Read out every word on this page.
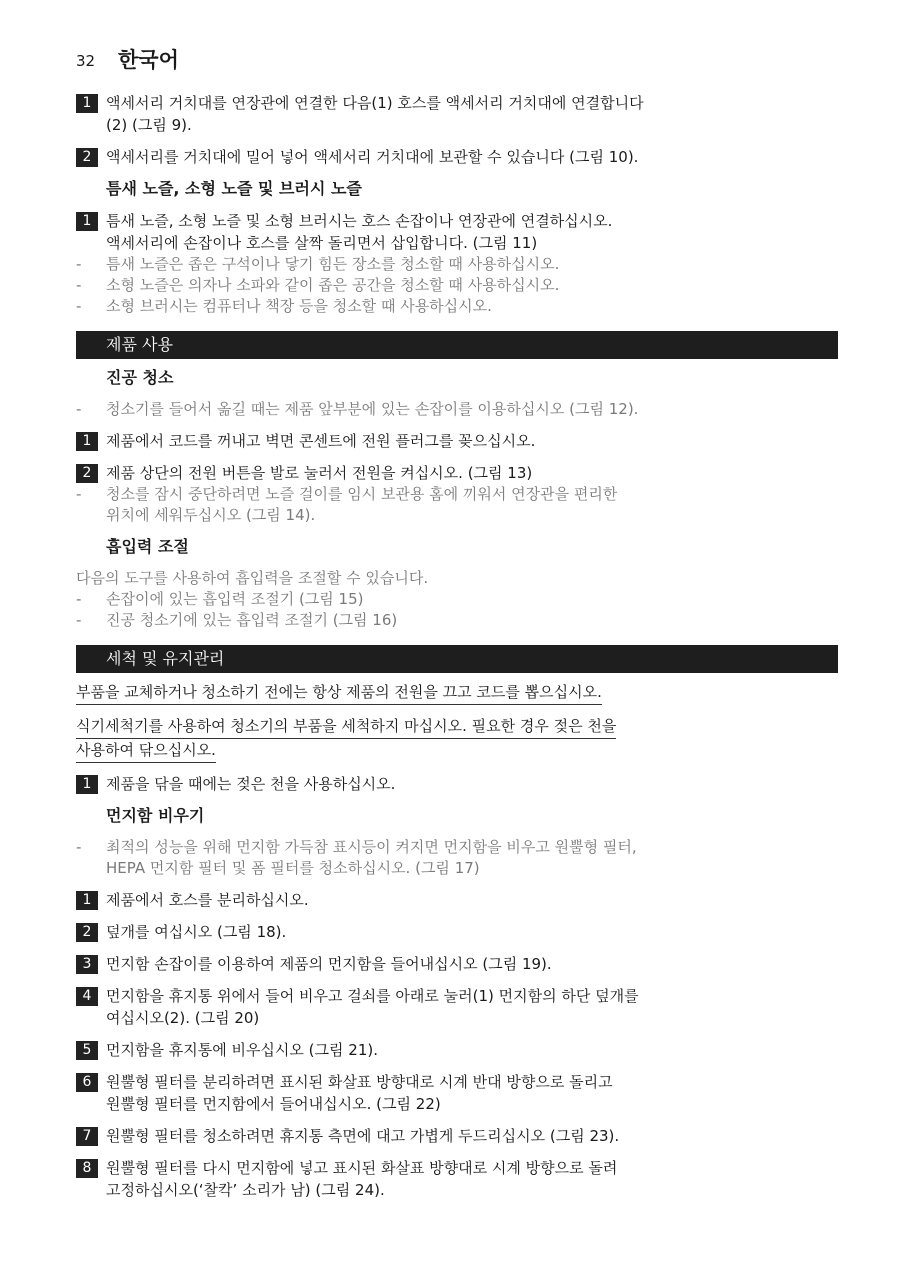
32 한국어
1 액세서리 거치대를 연장관에 연결한 다음(1) 호스를 액세서리 거치대에 연결합니다
(2) (그림 9).
2 액세서리를 거치대에 밀어 넣어 액세서리 거치대에 보관할 수 있습니다 (그림 10).
틈새 노즐, 소형 노즐 및 브러시 노즐
1 틈새 노즐, 소형 노즐 및 소형 브러시는 호스 손잡이나 연장관에 연결하십시오.
액세서리에 손잡이나 호스를 살짝 돌리면서 삽입합니다. (그림 11)
-	틈새 노즐은 좁은 구석이나 닿기 힘든 장소를 청소할 때 사용하십시오.
-	소형 노즐은 의자나 소파와 같이 좁은 공간을 청소할 때 사용하십시오.
-	소형 브러시는 컴퓨터나 책장 등을 청소할 때 사용하십시오.
제품 사용
진공 청소
-	청소기를 들어서 옮길 때는 제품 앞부분에 있는 손잡이를 이용하십시오 (그림 12).
1 제품에서 코드를 꺼내고 벽면 콘센트에 전원 플러그를 꽂으십시오.
2 제품 상단의 전원 버튼을 발로 눌러서 전원을 켜십시오. (그림 13)
-	청소를 잠시 중단하려면 노즐 걸이를 임시 보관용 홈에 끼워서 연장관을 편리한
위치에 세워두십시오 (그림 14).
흡입력 조절
다음의 도구를 사용하여 흡입력을 조절할 수 있습니다.
-	손잡이에 있는 흡입력 조절기 (그림 15)
-	진공 청소기에 있는 흡입력 조절기 (그림 16)
세척 및 유지관리
부품을 교체하거나 청소하기 전에는 항상 제품의 전원을 끄고 코드를 뽑으십시오.
식기세척기를 사용하여 청소기의 부품을 세척하지 마십시오. 필요한 경우 젖은 천을
사용하여 닦으십시오.
1 제품을 닦을 때에는 젖은 천을 사용하십시오.
먼지함 비우기
-	최적의 성능을 위해 먼지함 가득참 표시등이 켜지면 먼지함을 비우고 원뿔형 필터,
HEPA 먼지함 필터 및 폼 필터를 청소하십시오. (그림 17)
1 제품에서 호스를 분리하십시오.
2 덮개를 여십시오 (그림 18).
3 먼지함 손잡이를 이용하여 제품의 먼지함을 들어내십시오 (그림 19).
4 먼지함을 휴지통 위에서 들어 비우고 걸쇠를 아래로 눌러(1) 먼지함의 하단 덮개를
여십시오(2). (그림 20)
5 먼지함을 휴지통에 비우십시오 (그림 21).
6 원뿔형 필터를 분리하려면 표시된 화살표 방향대로 시계 반대 방향으로 돌리고
원뿔형 필터를 먼지함에서 들어내십시오. (그림 22)
7 원뿔형 필터를 청소하려면 휴지통 측면에 대고 가볍게 두드리십시오 (그림 23).
8 원뿔형 필터를 다시 먼지함에 넣고 표시된 화살표 방향대로 시계 방향으로 돌려
고정하십시오(‘찰칵’ 소리가 남) (그림 24).
